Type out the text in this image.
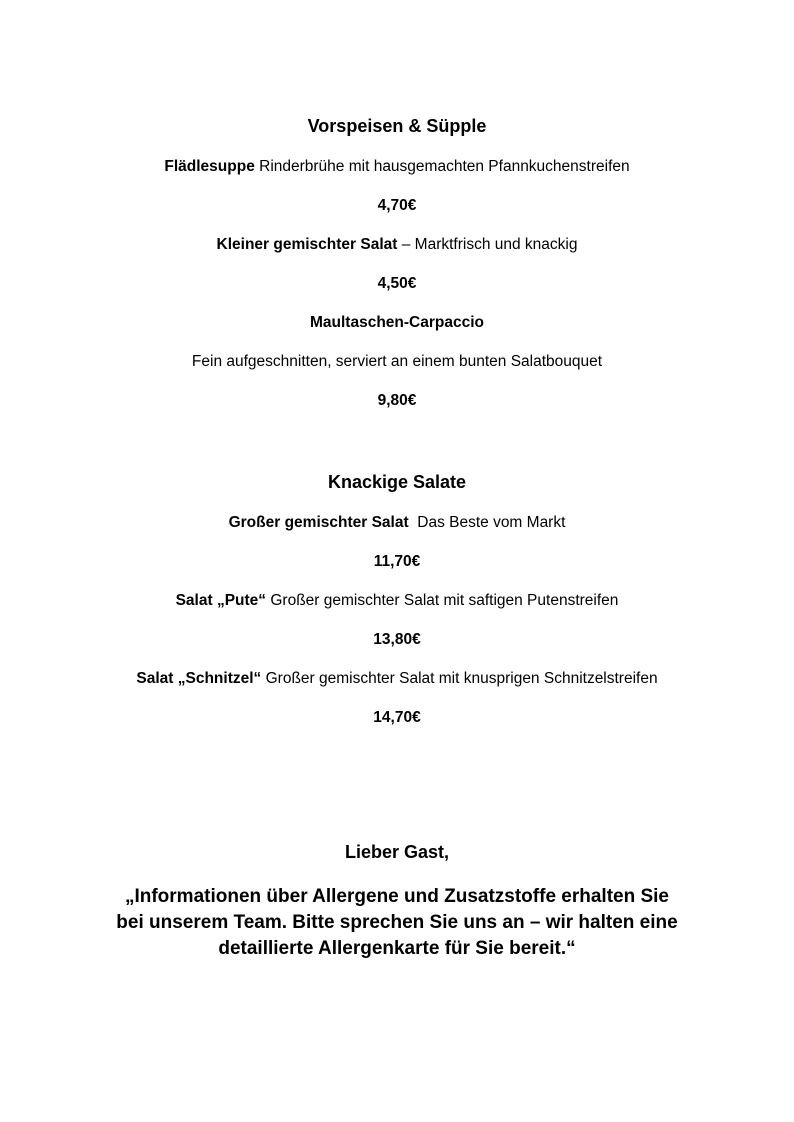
Vorspeisen & Süpple
Flädlesuppe Rinderbrühe mit hausgemachten Pfannkuchenstreifen
4,70€
Kleiner gemischter Salat – Marktfrisch und knackig
4,50€
Maultaschen-Carpaccio
Fein aufgeschnitten, serviert an einem bunten Salatbouquet
9,80€
Knackige Salate
Großer gemischter Salat  Das Beste vom Markt
11,70€
Salat „Pute“ Großer gemischter Salat mit saftigen Putenstreifen
13,80€
Salat „Schnitzel“ Großer gemischter Salat mit knusprigen Schnitzelstreifen
14,70€
Lieber Gast,
„Informationen über Allergene und Zusatzstoffe erhalten Sie
bei unserem Team. Bitte sprechen Sie uns an – wir halten eine
detaillierte Allergenkarte für Sie bereit.“
